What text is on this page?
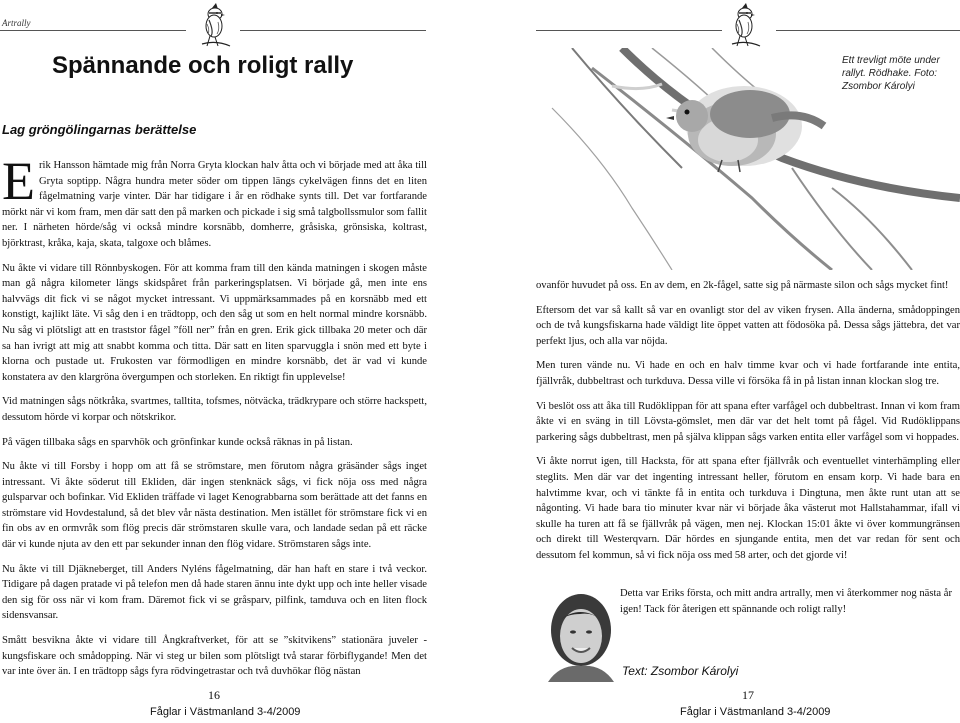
Artrally
Spännande och roligt rally
Lag gröngölingarnas berättelse
Ett trevligt möte under rallyt. Rödhake. Foto: Zsombor Károlyi

Erik Hansson hämtade mig från Norra Gryta klockan halv åtta och vi började med att åka till Gryta soptipp. Några hundra meter söder om tippen längs cykelvägen finns det en liten fågelmatning varje vinter. Där har tidigare i år en rödhake synts till. Det var fortfarande mörkt när vi kom fram, men där satt den på marken och pickade i sig små talgbollssmulor som fallit ner. I närheten hörde/såg vi också mindre korsnäbb, domherre, gråsiska, grönsiska, koltrast, björktrast, kråka, kaja, skata, talgoxe och blåmes.

Nu åkte vi vidare till Rönnbyskogen. För att komma fram till den kända matningen i skogen måste man gå några kilometer längs skidspåret från parkeringsplatsen. Vi började gå, men inte ens halvvägs dit fick vi se något mycket intressant. Vi uppmärksammades på en korsnäbb med ett konstigt, kajlikt läte. Vi såg den i en trädtopp, och den såg ut som en helt normal mindre korsnäbb. Nu såg vi plötsligt att en traststor fågel ”föll ner” från en gren. Erik gick tillbaka 20 meter och där sa han ivrigt att mig att snabbt komma och titta. Där satt en liten sparvuggla i snön med ett byte i klorna och pustade ut. Frukosten var förmodligen en mindre korsnäbb, det är vad vi kunde konstatera av den klargröna övergumpen och storleken. En riktigt fin upplevelse!

Vid matningen sågs nötkråka, svartmes, talltita, tofsmes, nötväcka, trädkrypare och större hackspett, dessutom hörde vi korpar och nötskrikor.

På vägen tillbaka sågs en sparvhök och grönfinkar kunde också räknas in på listan.

Nu åkte vi till Forsby i hopp om att få se strömstare, men förutom några gräsänder sågs inget intressant. Vi åkte söderut till Ekliden, där ingen stenknäck sågs, vi fick nöja oss med några gulsparvar och bofinkar. Vid Ekliden träffade vi laget Kenograbbarna som berättade att det fanns en strömstare vid Hovdestalund, så det blev vår nästa destination. Men istället för strömstare fick vi en fin obs av en ormvråk som flög precis där strömstaren skulle vara, och landade sedan på ett räcke där vi kunde njuta av den ett par sekunder innan den flög vidare. Strömstaren sågs inte.

Nu åkte vi till Djäkneberget, till Anders Nyléns fågelmatning, där han haft en stare i två veckor. Tidigare på dagen pratade vi på telefon men då hade staren ännu inte dykt upp och inte heller visade den sig för oss när vi kom fram. Däremot fick vi se gråsparv, pilfink, tamduva och en liten flock sidensvansar.

Smått besvikna åkte vi vidare till Ångkraftverket, för att se ”skitvikens” stationära juveler - kungsfiskare och smådopping. När vi steg ur bilen som plötsligt två starar förbiflygande! Men det var inte över än. I en trädtopp sågs fyra rödvingetrastar och två duvhökar flög nästan

ovanför huvudet på oss. En av dem, en 2k-fågel, satte sig på närmaste silon och sågs mycket fint!

Eftersom det var så kallt så var en ovanligt stor del av viken frysen. Alla änderna, smådoppingen och de två kungsfiskarna hade väldigt lite öppet vatten att födosöka på. Dessa sågs jättebra, det var perfekt ljus, och alla var nöjda.

Men turen vände nu. Vi hade en och en halv timme kvar och vi hade fortfarande inte entita, fjällvråk, dubbeltrast och turkduva. Dessa ville vi försöka få in på listan innan klockan slog tre.

Vi beslöt oss att åka till Rudöklippan för att spana efter varfågel och dubbeltrast. Innan vi kom fram åkte vi en sväng in till Lövsta-gömslet, men där var det helt tomt på fågel. Vid Rudöklippans parkering sågs dubbeltrast, men på själva klippan sågs varken entita eller varfågel som vi hoppades.

Vi åkte norrut igen, till Hacksta, för att spana efter fjällvråk och eventuellet vinterhämpling eller steglits. Men där var det ingenting intressant heller, förutom en ensam korp. Vi hade bara en halvtimme kvar, och vi tänkte få in entita och turkduva i Dingtuna, men åkte runt utan att se någonting. Vi hade bara tio minuter kvar när vi började åka västerut mot Hallstahammar, ifall vi skulle ha turen att få se fjällvråk på vägen, men nej. Klockan 15:01 åkte vi över kommungränsen och direkt till Westerqvarn. Där hördes en sjungande entita, men det var redan för sent och dessutom fel kommun, så vi fick nöja oss med 58 arter, och det gjorde vi!

Detta var Eriks första, och mitt andra artrally, men vi återkommer nog nästa år igen! Tack för återigen ett spännande och roligt rally!
Text: Zsombor Károlyi
16	17
Fåglar i Västmanland 3-4/2009	Fåglar i Västmanland 3-4/2009
